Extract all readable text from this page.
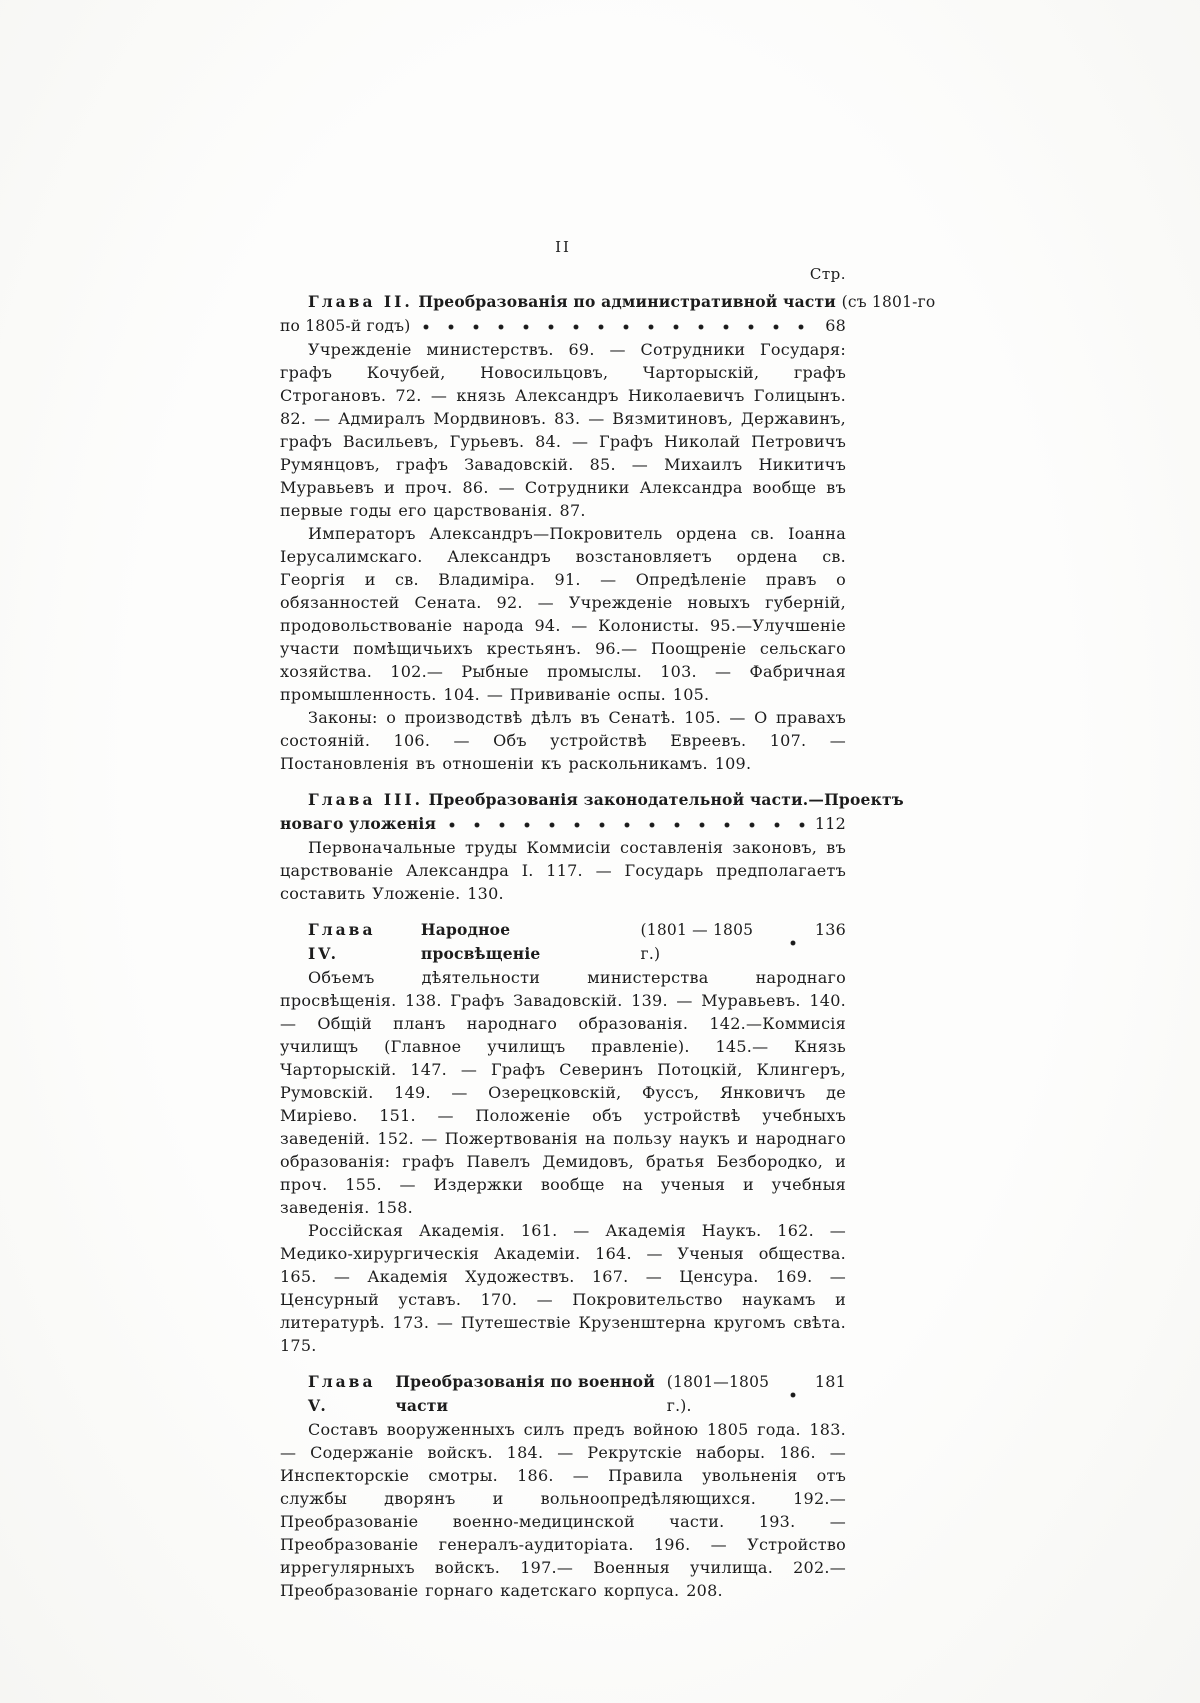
II
Стр.
Глава II. Преобразованія по административной части (съ 1801-го
по 1805-й годъ)	68

Учрежденіе министерствъ. 69. — Сотрудники Государя: графъ Кочубей, Новосильцовъ, Чарторыскій, графъ Строгановъ. 72. — князь Александръ Николаевичъ Голицынъ. 82. — Адмиралъ Мордвиновъ. 83. — Вязмитиновъ, Державинъ, графъ Васильевъ, Гурьевъ. 84. — Графъ Николай Петровичъ Румянцовъ, графъ Завадовскій. 85. — Михаилъ Никитичъ Муравьевъ и проч. 86. — Сотрудники Александра вообще въ первые годы его царствованія. 87.

Императоръ Александръ—Покровитель ордена св. Іоанна Іерусалимскаго. Александръ возстановляетъ ордена св. Георгія и св. Владиміра. 91. — Опредѣленіе правъ о обязанностей Сената. 92. — Учрежденіе новыхъ губерній, продовольствованіе народа 94. — Колонисты. 95.—Улучшеніе участи помѣщичьихъ крестьянъ. 96.— Поощреніе сельскаго хозяйства. 102.— Рыбные промыслы. 103. — Фабричная промышленность. 104. — Прививаніе оспы. 105.

Законы: о производствѣ дѣлъ въ Сенатѣ. 105. — О правахъ состояній. 106. — Объ устройствѣ Евреевъ. 107. — Постановленія въ отношеніи къ раскольникамъ. 109.

Глава III. Преобразованія законодательной части.—Проектъ
новаго уложенія	112

Первоначальные труды Коммисіи составленія законовъ, въ царствованіе Александра I. 117. — Государь предполагаетъ составить Уложеніе. 130.

Глава IV.
Народное просвѣщеніе
(1801 — 1805 г.)
136

Объемъ дѣятельности министерства народнаго просвѣщенія. 138. Графъ Завадовскій. 139. — Муравьевъ. 140. — Общій планъ народнаго образованія. 142.—Коммисія училищъ (Главное училищъ правленіе). 145.— Князь Чарторыскій. 147. — Графъ Северинъ Потоцкій, Клингеръ, Румовскій. 149. — Озерецковскій, Фуссъ, Янковичъ де Миріево. 151. — Положеніе объ устройствѣ учебныхъ заведеній. 152. — Пожертвованія на пользу наукъ и народнаго образованія: графъ Павелъ Демидовъ, братья Безбородко, и проч. 155. — Издержки вообще на ученыя и учебныя заведенія. 158.

Россійская Академія. 161. — Академія Наукъ. 162. — Медико-хирургическія Академіи. 164. — Ученыя общества. 165. — Академія Художествъ. 167. — Ценсура. 169. — Ценсурный уставъ. 170. — Покровительство наукамъ и литературѣ. 173. — Путешествіе Крузенштерна кругомъ свѣта. 175.

Глава V.
Преобразованія по военной части
(1801—1805 г.).
181

Составъ вооруженныхъ силъ предъ войною 1805 года. 183. — Содержаніе войскъ. 184. — Рекрутскіе наборы. 186. — Инспекторскіе смотры. 186. — Правила увольненія отъ службы дворянъ и вольноопредѣляющихся. 192.— Преобразованіе военно-медицинской части. 193. — Преобразованіе генералъ-аудиторіата. 196. — Устройство иррегулярныхъ войскъ. 197.— Военныя училища. 202.—Преобразованіе горнаго кадетскаго корпуса. 208.
